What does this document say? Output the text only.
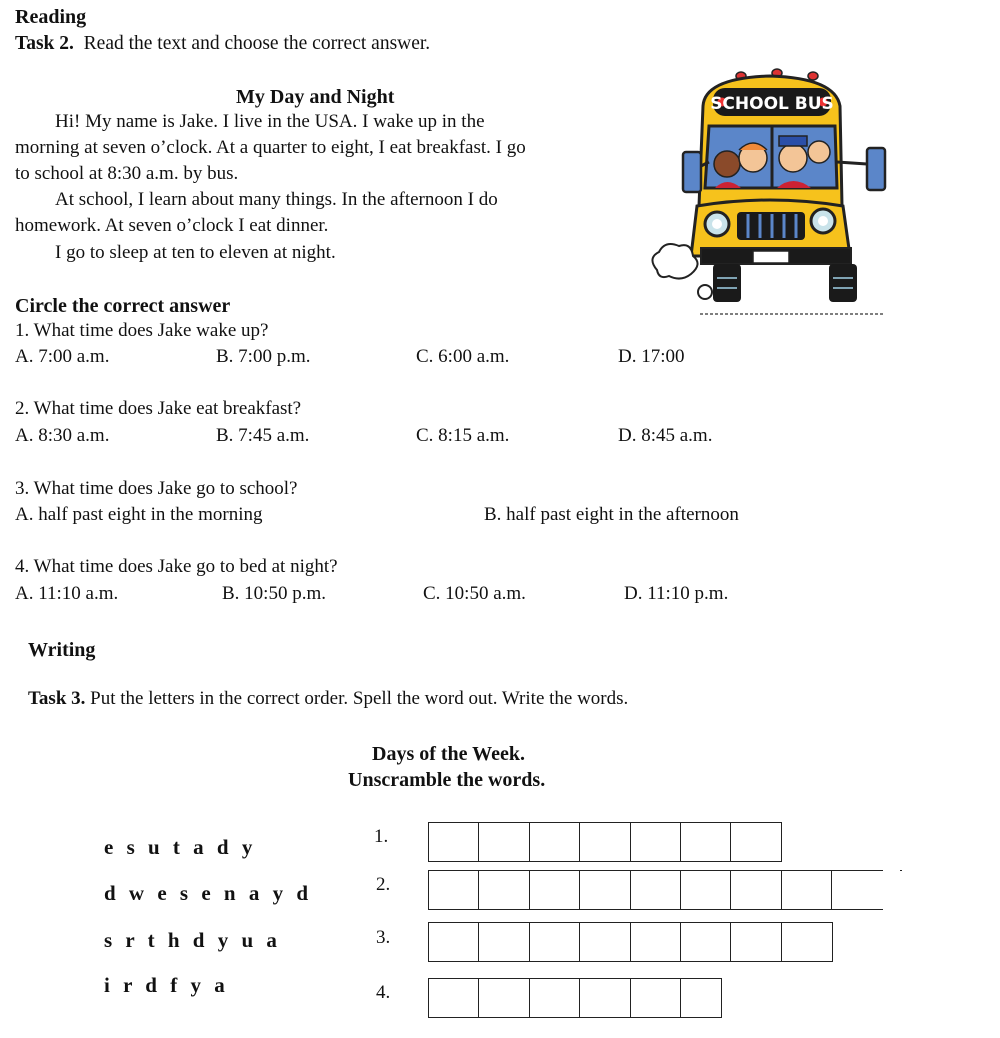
Reading
Task 2. Read the text and choose the correct answer.
My Day and Night
Hi! My name is Jake. I live in the USA. I wake up in the
morning at seven o’clock. At a quarter to eight, I eat breakfast. I go
to school at 8:30 a.m. by bus.
At school, I learn about many things. In the afternoon I do
homework. At seven o’clock I eat dinner.
I go to sleep at ten to eleven at night.
SCHOOL BUS
Circle the correct answer
1. What time does Jake wake up?
A. 7:00 a.m.	B. 7:00 p.m.	C. 6:00 a.m.	D. 17:00
2. What time does Jake eat breakfast?
A. 8:30 a.m.	B. 7:45 a.m.	C. 8:15 a.m.	D. 8:45 a.m.
3. What time does Jake go to school?
A. half past eight in the morning	B. half past eight in the afternoon
4. What time does Jake go to bed at night?
A. 11:10 a.m.	B. 10:50 p.m.	C. 10:50 a.m.	D. 11:10 p.m.
Writing
Task 3. Put the letters in the correct order. Spell the word out. Write the words.
Days of the Week.
Unscramble the words.
e s u t a d y	1.
d w e s e n a y d	2.
s r t h d y u a	3.
i r d f y a	4.
